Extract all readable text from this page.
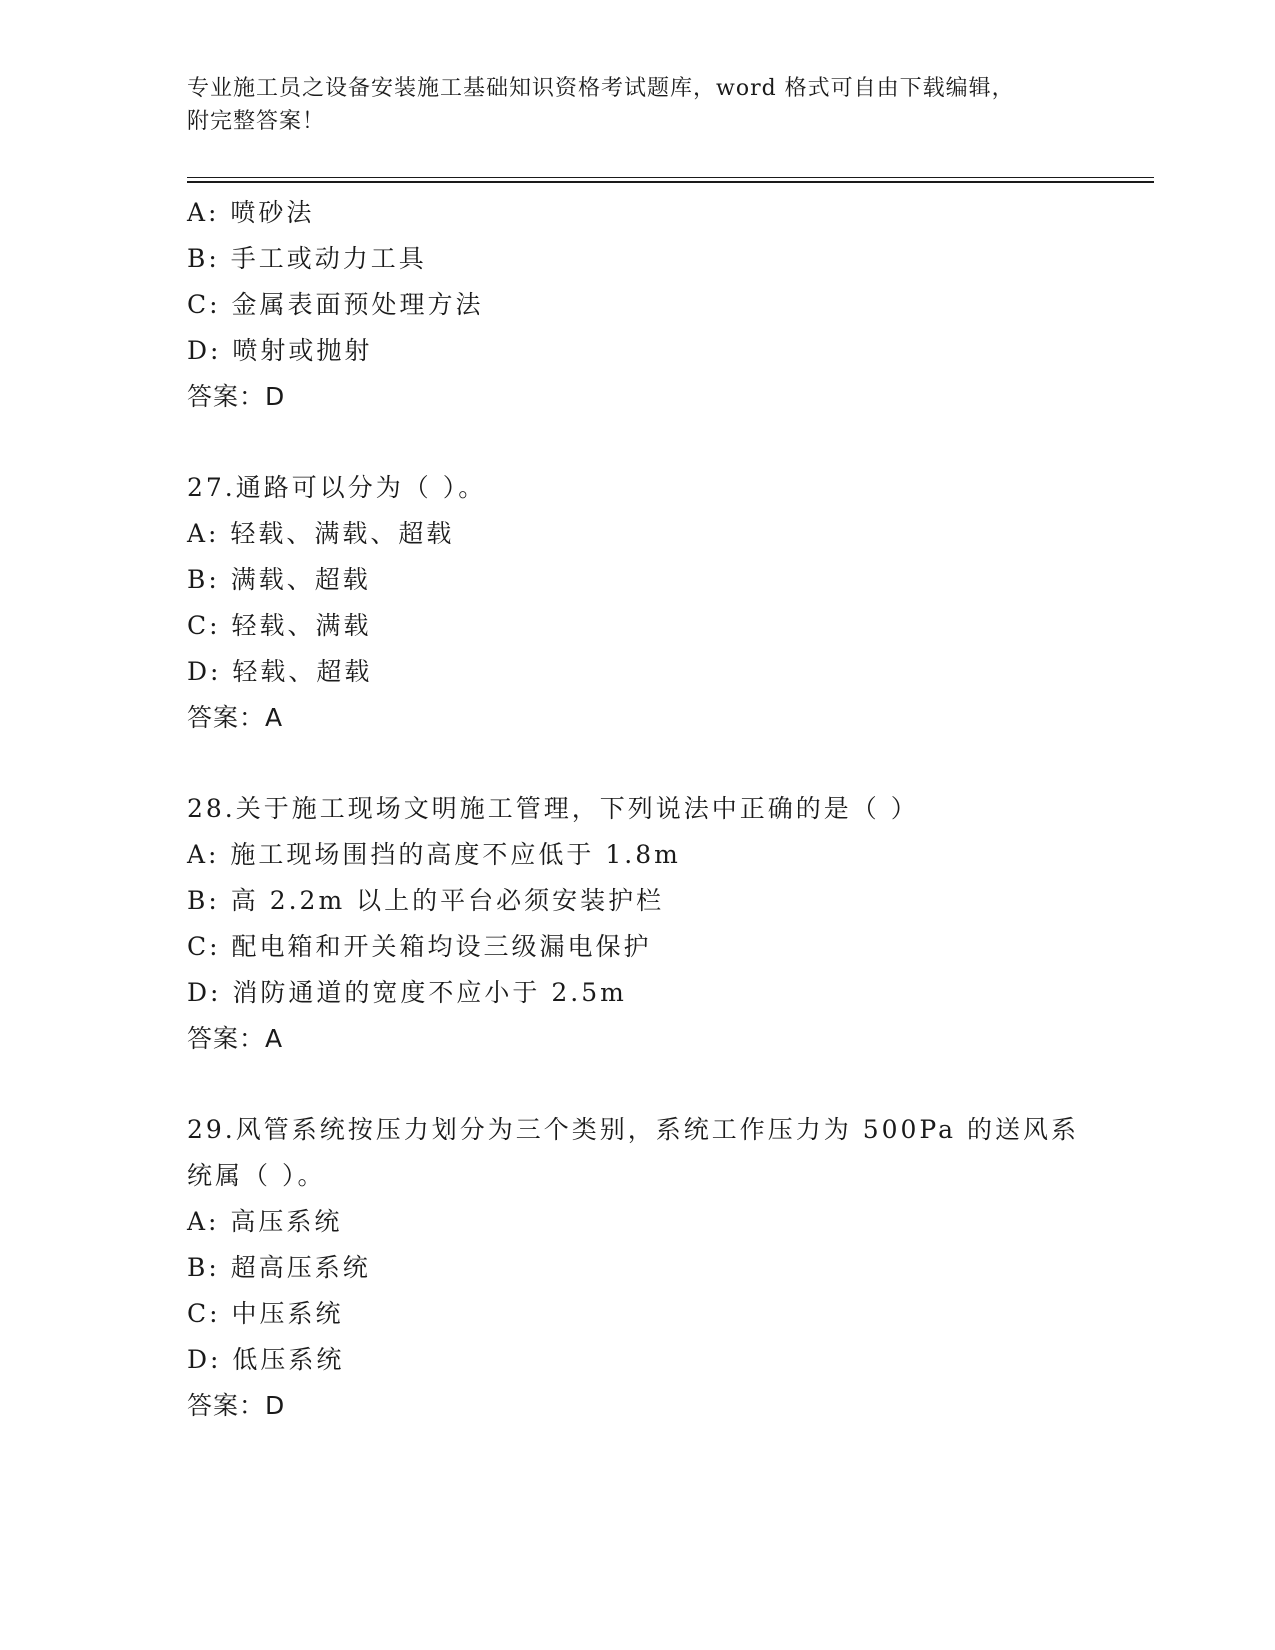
专业施工员之设备安装施工基础知识资格考试题库，word 格式可自由下载编辑，
附完整答案！
A: 喷砂法
B: 手工或动力工具
C: 金属表面预处理方法
D: 喷射或抛射
答案：D
27.通路可以分为（ ）。
A: 轻载、满载、超载
B: 满载、超载
C: 轻载、满载
D: 轻载、超载
答案：A
28.关于施工现场文明施工管理，下列说法中正确的是（ ）
A: 施工现场围挡的高度不应低于 1.8m
B: 高 2.2m 以上的平台必须安装护栏
C: 配电箱和开关箱均设三级漏电保护
D: 消防通道的宽度不应小于 2.5m
答案：A
29.风管系统按压力划分为三个类别，系统工作压力为 500Pa 的送风系
统属（ ）。
A: 高压系统
B: 超高压系统
C: 中压系统
D: 低压系统
答案：D
